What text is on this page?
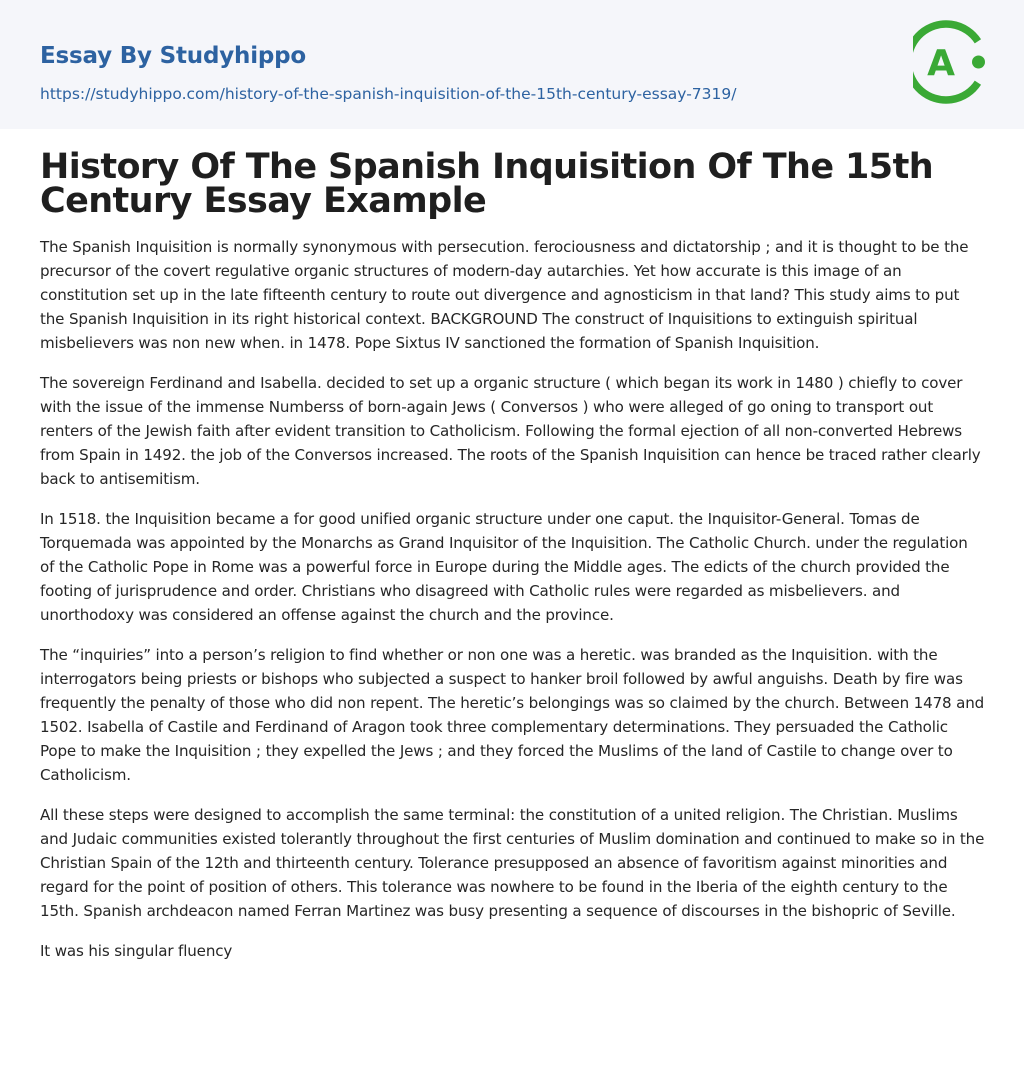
Essay By Studyhippo
https://studyhippo.com/history-of-the-spanish-inquisition-of-the-15th-century-essay-7319/
A
History Of The Spanish Inquisition Of The 15th Century Essay Example

The Spanish Inquisition is normally synonymous with persecution. ferociousness and dictatorship ; and it is thought to be the precursor of the covert regulative organic structures of modern-day autarchies. Yet how accurate is this image of an constitution set up in the late fifteenth century to route out divergence and agnosticism in that land? This study aims to put the Spanish Inquisition in its right historical context. BACKGROUND The construct of Inquisitions to extinguish spiritual misbelievers was non new when. in 1478. Pope Sixtus IV sanctioned the formation of Spanish Inquisition.

The sovereign Ferdinand and Isabella. decided to set up a organic structure ( which began its work in 1480 ) chiefly to cover with the issue of the immense Numberss of born-again Jews ( Conversos ) who were alleged of go oning to transport out renters of the Jewish faith after evident transition to Catholicism. Following the formal ejection of all non-converted Hebrews from Spain in 1492. the job of the Conversos increased. The roots of the Spanish Inquisition can hence be traced rather clearly back to antisemitism.

In 1518. the Inquisition became a for good unified organic structure under one caput. the Inquisitor-General. Tomas de Torquemada was appointed by the Monarchs as Grand Inquisitor of the Inquisition. The Catholic Church. under the regulation of the Catholic Pope in Rome was a powerful force in Europe during the Middle ages. The edicts of the church provided the footing of jurisprudence and order. Christians who disagreed with Catholic rules were regarded as misbelievers. and unorthodoxy was considered an offense against the church and the province.

The “inquiries” into a person’s religion to find whether or non one was a heretic. was branded as the Inquisition. with the interrogators being priests or bishops who subjected a suspect to hanker broil followed by awful anguishs. Death by fire was frequently the penalty of those who did non repent. The heretic’s belongings was so claimed by the church. Between 1478 and 1502. Isabella of Castile and Ferdinand of Aragon took three complementary determinations. They persuaded the Catholic Pope to make the Inquisition ; they expelled the Jews ; and they forced the Muslims of the land of Castile to change over to Catholicism.

All these steps were designed to accomplish the same terminal: the constitution of a united religion. The Christian. Muslims and Judaic communities existed tolerantly throughout the first centuries of Muslim domination and continued to make so in the Christian Spain of the 12th and thirteenth century. Tolerance presupposed an absence of favoritism against minorities and regard for the point of position of others. This tolerance was nowhere to be found in the Iberia of the eighth century to the 15th. Spanish archdeacon named Ferran Martinez was busy presenting a sequence of discourses in the bishopric of Seville.

It was his singular fluency
